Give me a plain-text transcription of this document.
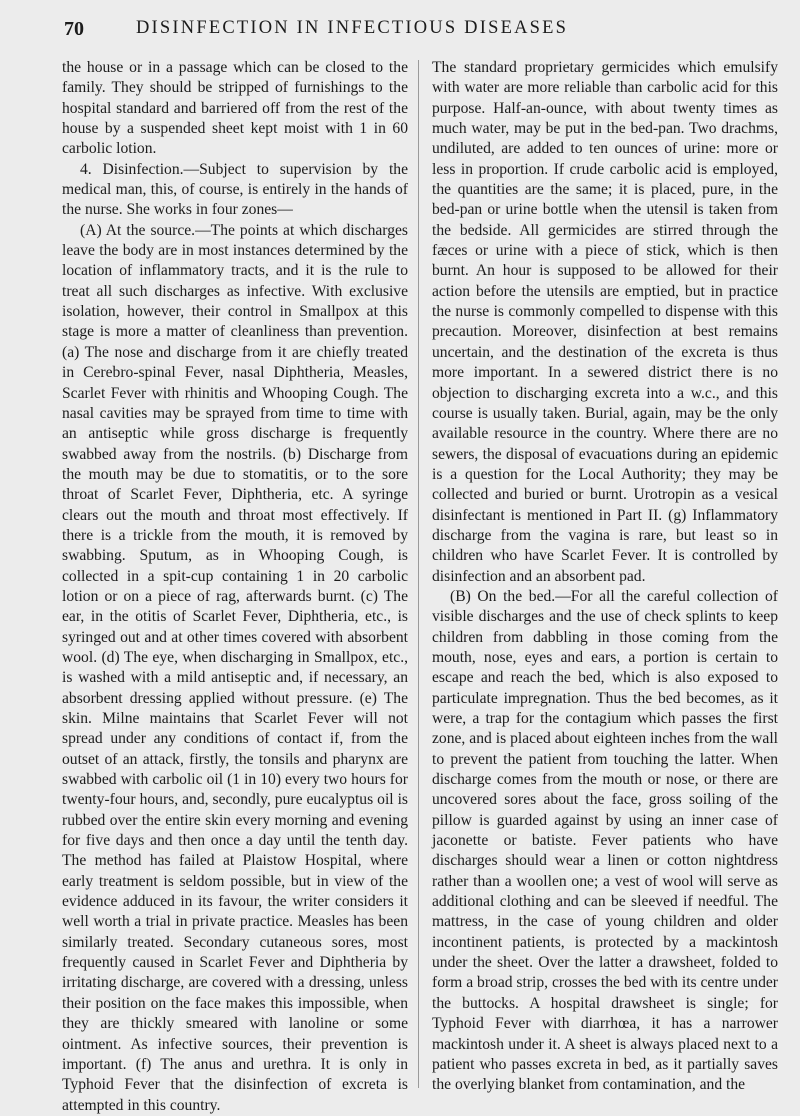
70	DISINFECTION IN INFECTIOUS DISEASES

the house or in a passage which can be closed to the family. They should be stripped of furnishings to the hospital standard and barriered off from the rest of the house by a suspended sheet kept moist with 1 in 60 carbolic lotion.

4. Disinfection.—Subject to supervision by the medical man, this, of course, is entirely in the hands of the nurse. She works in four zones—

(A) At the source.—The points at which discharges leave the body are in most instances determined by the location of inflammatory tracts, and it is the rule to treat all such discharges as infective. With exclusive isolation, however, their control in Smallpox at this stage is more a matter of cleanliness than prevention. (a) The nose and discharge from it are chiefly treated in Cerebro-spinal Fever, nasal Diphtheria, Measles, Scarlet Fever with rhinitis and Whooping Cough. The nasal cavities may be sprayed from time to time with an antiseptic while gross discharge is frequently swabbed away from the nostrils. (b) Discharge from the mouth may be due to stomatitis, or to the sore throat of Scarlet Fever, Diphtheria, etc. A syringe clears out the mouth and throat most effectively. If there is a trickle from the mouth, it is removed by swabbing. Sputum, as in Whooping Cough, is collected in a spit-cup containing 1 in 20 carbolic lotion or on a piece of rag, afterwards burnt. (c) The ear, in the otitis of Scarlet Fever, Diphtheria, etc., is syringed out and at other times covered with absorbent wool. (d) The eye, when discharging in Smallpox, etc., is washed with a mild antiseptic and, if necessary, an absorbent dressing applied without pressure. (e) The skin. Milne maintains that Scarlet Fever will not spread under any conditions of contact if, from the outset of an attack, firstly, the tonsils and pharynx are swabbed with carbolic oil (1 in 10) every two hours for twenty-four hours, and, secondly, pure eucalyptus oil is rubbed over the entire skin every morning and evening for five days and then once a day until the tenth day. The method has failed at Plaistow Hospital, where early treatment is seldom possible, but in view of the evidence adduced in its favour, the writer considers it well worth a trial in private practice. Measles has been similarly treated. Secondary cutaneous sores, most frequently caused in Scarlet Fever and Diphtheria by irritating discharge, are covered with a dressing, unless their position on the face makes this impossible, when they are thickly smeared with lanoline or some ointment. As infective sources, their prevention is important. (f) The anus and urethra. It is only in Typhoid Fever that the disinfection of excreta is attempted in this country.

The standard proprietary germicides which emulsify with water are more reliable than carbolic acid for this purpose. Half-an-ounce, with about twenty times as much water, may be put in the bed-pan. Two drachms, undiluted, are added to ten ounces of urine: more or less in proportion. If crude carbolic acid is employed, the quantities are the same; it is placed, pure, in the bed-pan or urine bottle when the utensil is taken from the bedside. All germicides are stirred through the fæces or urine with a piece of stick, which is then burnt. An hour is supposed to be allowed for their action before the utensils are emptied, but in practice the nurse is commonly compelled to dispense with this precaution. Moreover, disinfection at best remains uncertain, and the destination of the excreta is thus more important. In a sewered district there is no objection to discharging excreta into a w.c., and this course is usually taken. Burial, again, may be the only available resource in the country. Where there are no sewers, the disposal of evacuations during an epidemic is a question for the Local Authority; they may be collected and buried or burnt. Urotropin as a vesical disinfectant is mentioned in Part II. (g) Inflammatory discharge from the vagina is rare, but least so in children who have Scarlet Fever. It is controlled by disinfection and an absorbent pad.

(B) On the bed.—For all the careful collection of visible discharges and the use of check splints to keep children from dabbling in those coming from the mouth, nose, eyes and ears, a portion is certain to escape and reach the bed, which is also exposed to particulate impregnation. Thus the bed becomes, as it were, a trap for the contagium which passes the first zone, and is placed about eighteen inches from the wall to prevent the patient from touching the latter. When discharge comes from the mouth or nose, or there are uncovered sores about the face, gross soiling of the pillow is guarded against by using an inner case of jaconette or batiste. Fever patients who have discharges should wear a linen or cotton nightdress rather than a woollen one; a vest of wool will serve as additional clothing and can be sleeved if needful. The mattress, in the case of young children and older incontinent patients, is protected by a mackintosh under the sheet. Over the latter a drawsheet, folded to form a broad strip, crosses the bed with its centre under the buttocks. A hospital drawsheet is single; for Typhoid Fever with diarrhœa, it has a narrower mackintosh under it. A sheet is always placed next to a patient who passes excreta in bed, as it partially saves the overlying blanket from contamination, and the
